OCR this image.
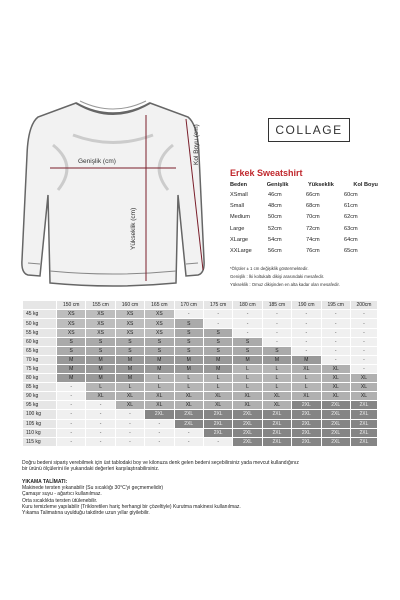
Genişlik (cm)
Yükseklik (cm)
Kol Boyu (cm)	COLLAGE
Erkek Sweatshirt
Beden	Genişlik	Yükseklik	Kol Boyu
XSmall	46cm	66cm	60cm
Small	48cm	68cm	61cm
Medium	50cm	70cm	62cm
Large	52cm	72cm	63cm
XLarge	54cm	74cm	64cm
XXLarge	56cm	76cm	65cm
*Ölçüler ± 1 cm değişiklik göstermektedir.
Genişlik : İki koltukaltı dikişi arasındaki mesafedir.
Yükseklik : Omuz dikişinden en alta kadar olan mesafedir.
	150 cm	155 cm	160 cm	165 cm	170 cm	175 cm	180 cm	185 cm	190 cm	195 cm	200cm
45 kg	XS	XS	XS	XS	-	-	-	-	-	-	-
50 kg	XS	XS	XS	XS	S	-	-	-	-	-	-
55 kg	XS	XS	XS	XS	S	S	-	-	-	-	-
60 kg	S	S	S	S	S	S	S	-	-	-	-
65 kg	S	S	S	S	S	S	S	S	-	-	-
70 kg	M	M	M	M	M	M	M	M	M	-	-
75 kg	M	M	M	M	M	M	L	L	XL	XL	-
80 kg	M	M	M	L	L	L	L	L	L	XL	XL
85 kg	-	L	L	L	L	L	L	L	L	XL	XL
90 kg	-	XL	XL	XL	XL	XL	XL	XL	XL	XL	XL
95 kg	-	-	XL	XL	XL	XL	XL	XL	2XL	2XL	2XL
100 kg	-	-	-	2XL	2XL	2XL	2XL	2XL	2XL	2XL	2XL
105 kg	-	-	-	-	2XL	2XL	2XL	2XL	2XL	2XL	2XL
110 kg	-	-	-	-	-	2XL	2XL	2XL	2XL	2XL	2XL
115 kg	-	-	-	-	-	-	2XL	2XL	2XL	2XL	2XL
Doğru bedeni sipariş verebilmek için üst tablodaki boy ve kilonuza denk gelen bedeni seçebilirsiniz yada mevcut kullandığınız
bir ürünü ölçülerini ile yukarıdaki değerleri karşılaştırabilirsiniz.
YIKAMA TALİMATI:
Makinede tersten yıkanabilir (Su sıcaklığı 30°C'yi geçmemelidir)
Çamaşır suyu - ağartıcı kullanılmaz.
Orta sıcaklıkta tersten ütülenebilir.
Kuru temizleme yapılabilir (Trikloretilen hariç herhangi bir çözeltiyle) Kurutma makinesi kullanılmaz.
Yıkama Talimatına uyulduğu takdirde uzun yıllar giyilebilir.
